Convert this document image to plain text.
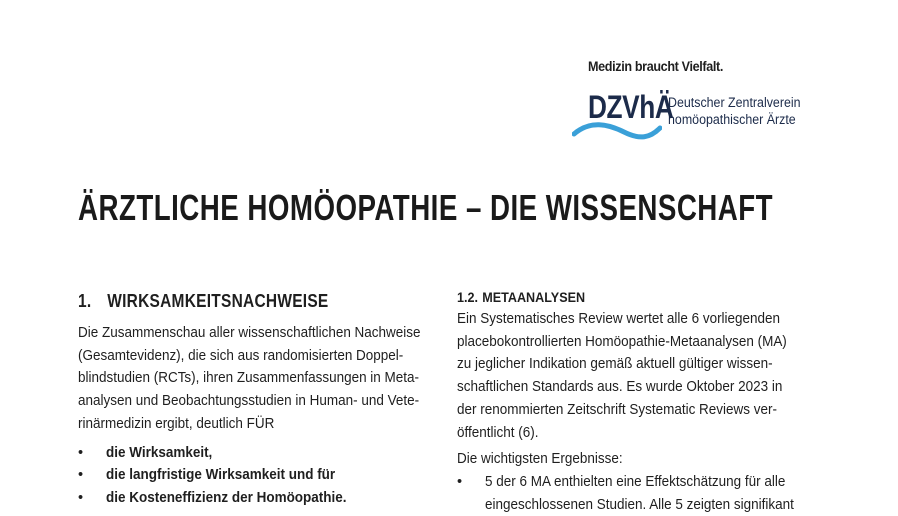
Medizin braucht Vielfalt.
DZVhÄ
Deutscher Zentralverein
homöopathischer Ärzte
ÄRZTLICHE HOMÖOPATHIE – DIE WISSENSCHAFT
1. WIRKSAMKEITSNACHWEISE
Die Zusammenschau aller wissenschaftlichen Nachweise
(Gesamtevidenz), die sich aus randomisierten Doppel-
blindstudien (RCTs), ihren Zusammenfassungen in Meta-
analysen und Beobachtungsstudien in Human- und Vete-
rinärmedizin ergibt, deutlich FÜR
• die Wirksamkeit,
• die langfristige Wirksamkeit und für
• die Kosteneffizienz der Homöopathie.
1.2. METAANALYSEN
Ein Systematisches Review wertet alle 6 vorliegenden
placebokontrollierten Homöopathie-Metaanalysen (MA)
zu jeglicher Indikation gemäß aktuell gültiger wissen-
schaftlichen Standards aus. Es wurde Oktober 2023 in
der renommierten Zeitschrift Systematic Reviews ver-
öffentlicht (6).
Die wichtigsten Ergebnisse:
• 5 der 6 MA enthielten eine Effektschätzung für alle
eingeschlossenen Studien. Alle 5 zeigten signifikant
